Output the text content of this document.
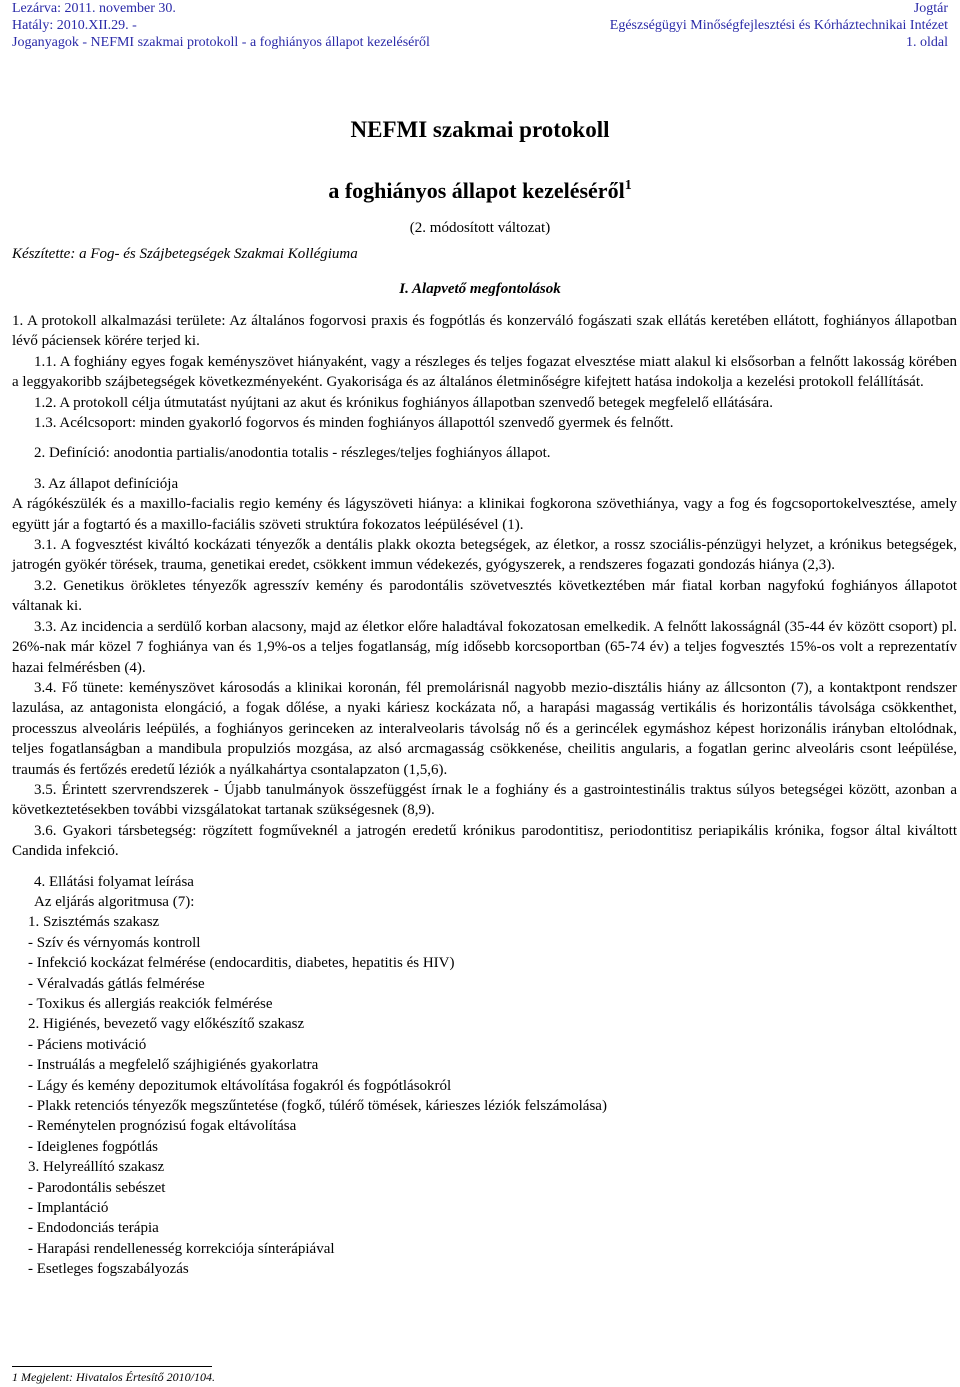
Lezárva: 2011. november 30.
Hatály: 2010.XII.29. -
Joganyagok - NEFMI szakmai protokoll - a foghiányos állapot kezeléséről
Jogtár
Egészségügyi Minőségfejlesztési és Kórháztechnikai Intézet
1. oldal
NEFMI szakmai protokoll
a foghiányos állapot kezeléséről$^1$
(2. módosított változat)
Készítette: a Fog- és Szájbetegségek Szakmai Kollégiuma
I. Alapvető megfontolások

1. A protokoll alkalmazási területe: Az általános fogorvosi praxis és fogpótlás és konzerváló fogászati szak ellátás keretében ellátott, foghiányos állapotban lévő páciensek körére terjed ki.

1.1. A foghiány egyes fogak keményszövet hiányaként, vagy a részleges és teljes fogazat elvesztése miatt alakul ki elsősorban a felnőtt lakosság körében a leggyakoribb szájbetegségek következményeként. Gyakorisága és az általános életminőségre kifejtett hatása indokolja a kezelési protokoll felállítását.

1.2. A protokoll célja útmutatást nyújtani az akut és krónikus foghiányos állapotban szenvedő betegek megfelelő ellátására.

1.3. Acélcsoport: minden gyakorló fogorvos és minden foghiányos állapottól szenvedő gyermek és felnőtt.

2. Definíció: anodontia partialis/anodontia totalis - részleges/teljes foghiányos állapot.

3. Az állapot definíciója

A rágókészülék és a maxillo-facialis regio kemény és lágyszöveti hiánya: a klinikai fogkorona szövethiánya, vagy a fog és fogcsoportokelvesztése, amely együtt jár a fogtartó és a maxillo-faciális szöveti struktúra fokozatos leépülésével (1).

3.1. A fogvesztést kiváltó kockázati tényezők a dentális plakk okozta betegségek, az életkor, a rossz szociális-pénzügyi helyzet, a krónikus betegségek, jatrogén gyökér törések, trauma, genetikai eredet, csökkent immun védekezés, gyógyszerek, a rendszeres fogazati gondozás hiánya (2,3).

3.2. Genetikus örökletes tényezők agresszív kemény és parodontális szövetvesztés következtében már fiatal korban nagyfokú foghiányos állapotot váltanak ki.

3.3. Az incidencia a serdülő korban alacsony, majd az életkor előre haladtával fokozatosan emelkedik. A felnőtt lakosságnál (35-44 év között csoport) pl. 26%-nak már közel 7 foghiánya van és 1,9%-os a teljes fogatlanság, míg idősebb korcsoportban (65-74 év) a teljes fogvesztés 15%-os volt a reprezentatív hazai felmérésben (4).

3.4. Fő tünete: keményszövet károsodás a klinikai koronán, fél premolárisnál nagyobb mezio-disztális hiány az állcsonton (7), a kontaktpont rendszer lazulása, az antagonista elongáció, a fogak dőlése, a nyaki káriesz kockázata nő, a harapási magasság vertikális és horizontális távolsága csökkenthet, processzus alveoláris leépülés, a foghiányos gerinceken az interalveolaris távolság nő és a gerincélek egymáshoz képest horizonális irányban eltolódnak, teljes fogatlanságban a mandibula propulziós mozgása, az alsó arcmagasság csökkenése, cheilitis angularis, a fogatlan gerinc alveoláris csont leépülése, traumás és fertőzés eredetű léziók a nyálkahártya csontalapzaton (1,5,6).

3.5. Érintett szervrendszerek - Újabb tanulmányok összefüggést írnak le a foghiány és a gastrointestinális traktus súlyos betegségei között, azonban a következtetésekben további vizsgálatokat tartanak szükségesnek (8,9).

3.6. Gyakori társbetegség: rögzített fogműveknél a jatrogén eredetű krónikus parodontitisz, periodontitisz periapikális krónika, fogsor által kiváltott Candida infekció.

4. Ellátási folyamat leírása

Az eljárás algoritmusa (7):

1. Szisztémás szakasz
- Szív és vérnyomás kontroll
- Infekció kockázat felmérése (endocarditis, diabetes, hepatitis és HIV)
- Véralvadás gátlás felmérése
- Toxikus és allergiás reakciók felmérése
2. Higiénés, bevezető vagy előkészítő szakasz
- Páciens motiváció
- Instruálás a megfelelő szájhigiénés gyakorlatra
- Lágy és kemény depozitumok eltávolítása fogakról és fogpótlásokról
- Plakk retenciós tényezők megszűntetése (fogkő, túlérő tömések, kárieszes léziók felszámolása)
- Reménytelen prognózisú fogak eltávolítása
- Ideiglenes fogpótlás
3. Helyreállító szakasz
- Parodontális sebészet
- Implantáció
- Endodonciás terápia
- Harapási rendellenesség korrekciója sínterápiával
- Esetleges fogszabályozás
1 Megjelent: Hivatalos Értesítő 2010/104.
